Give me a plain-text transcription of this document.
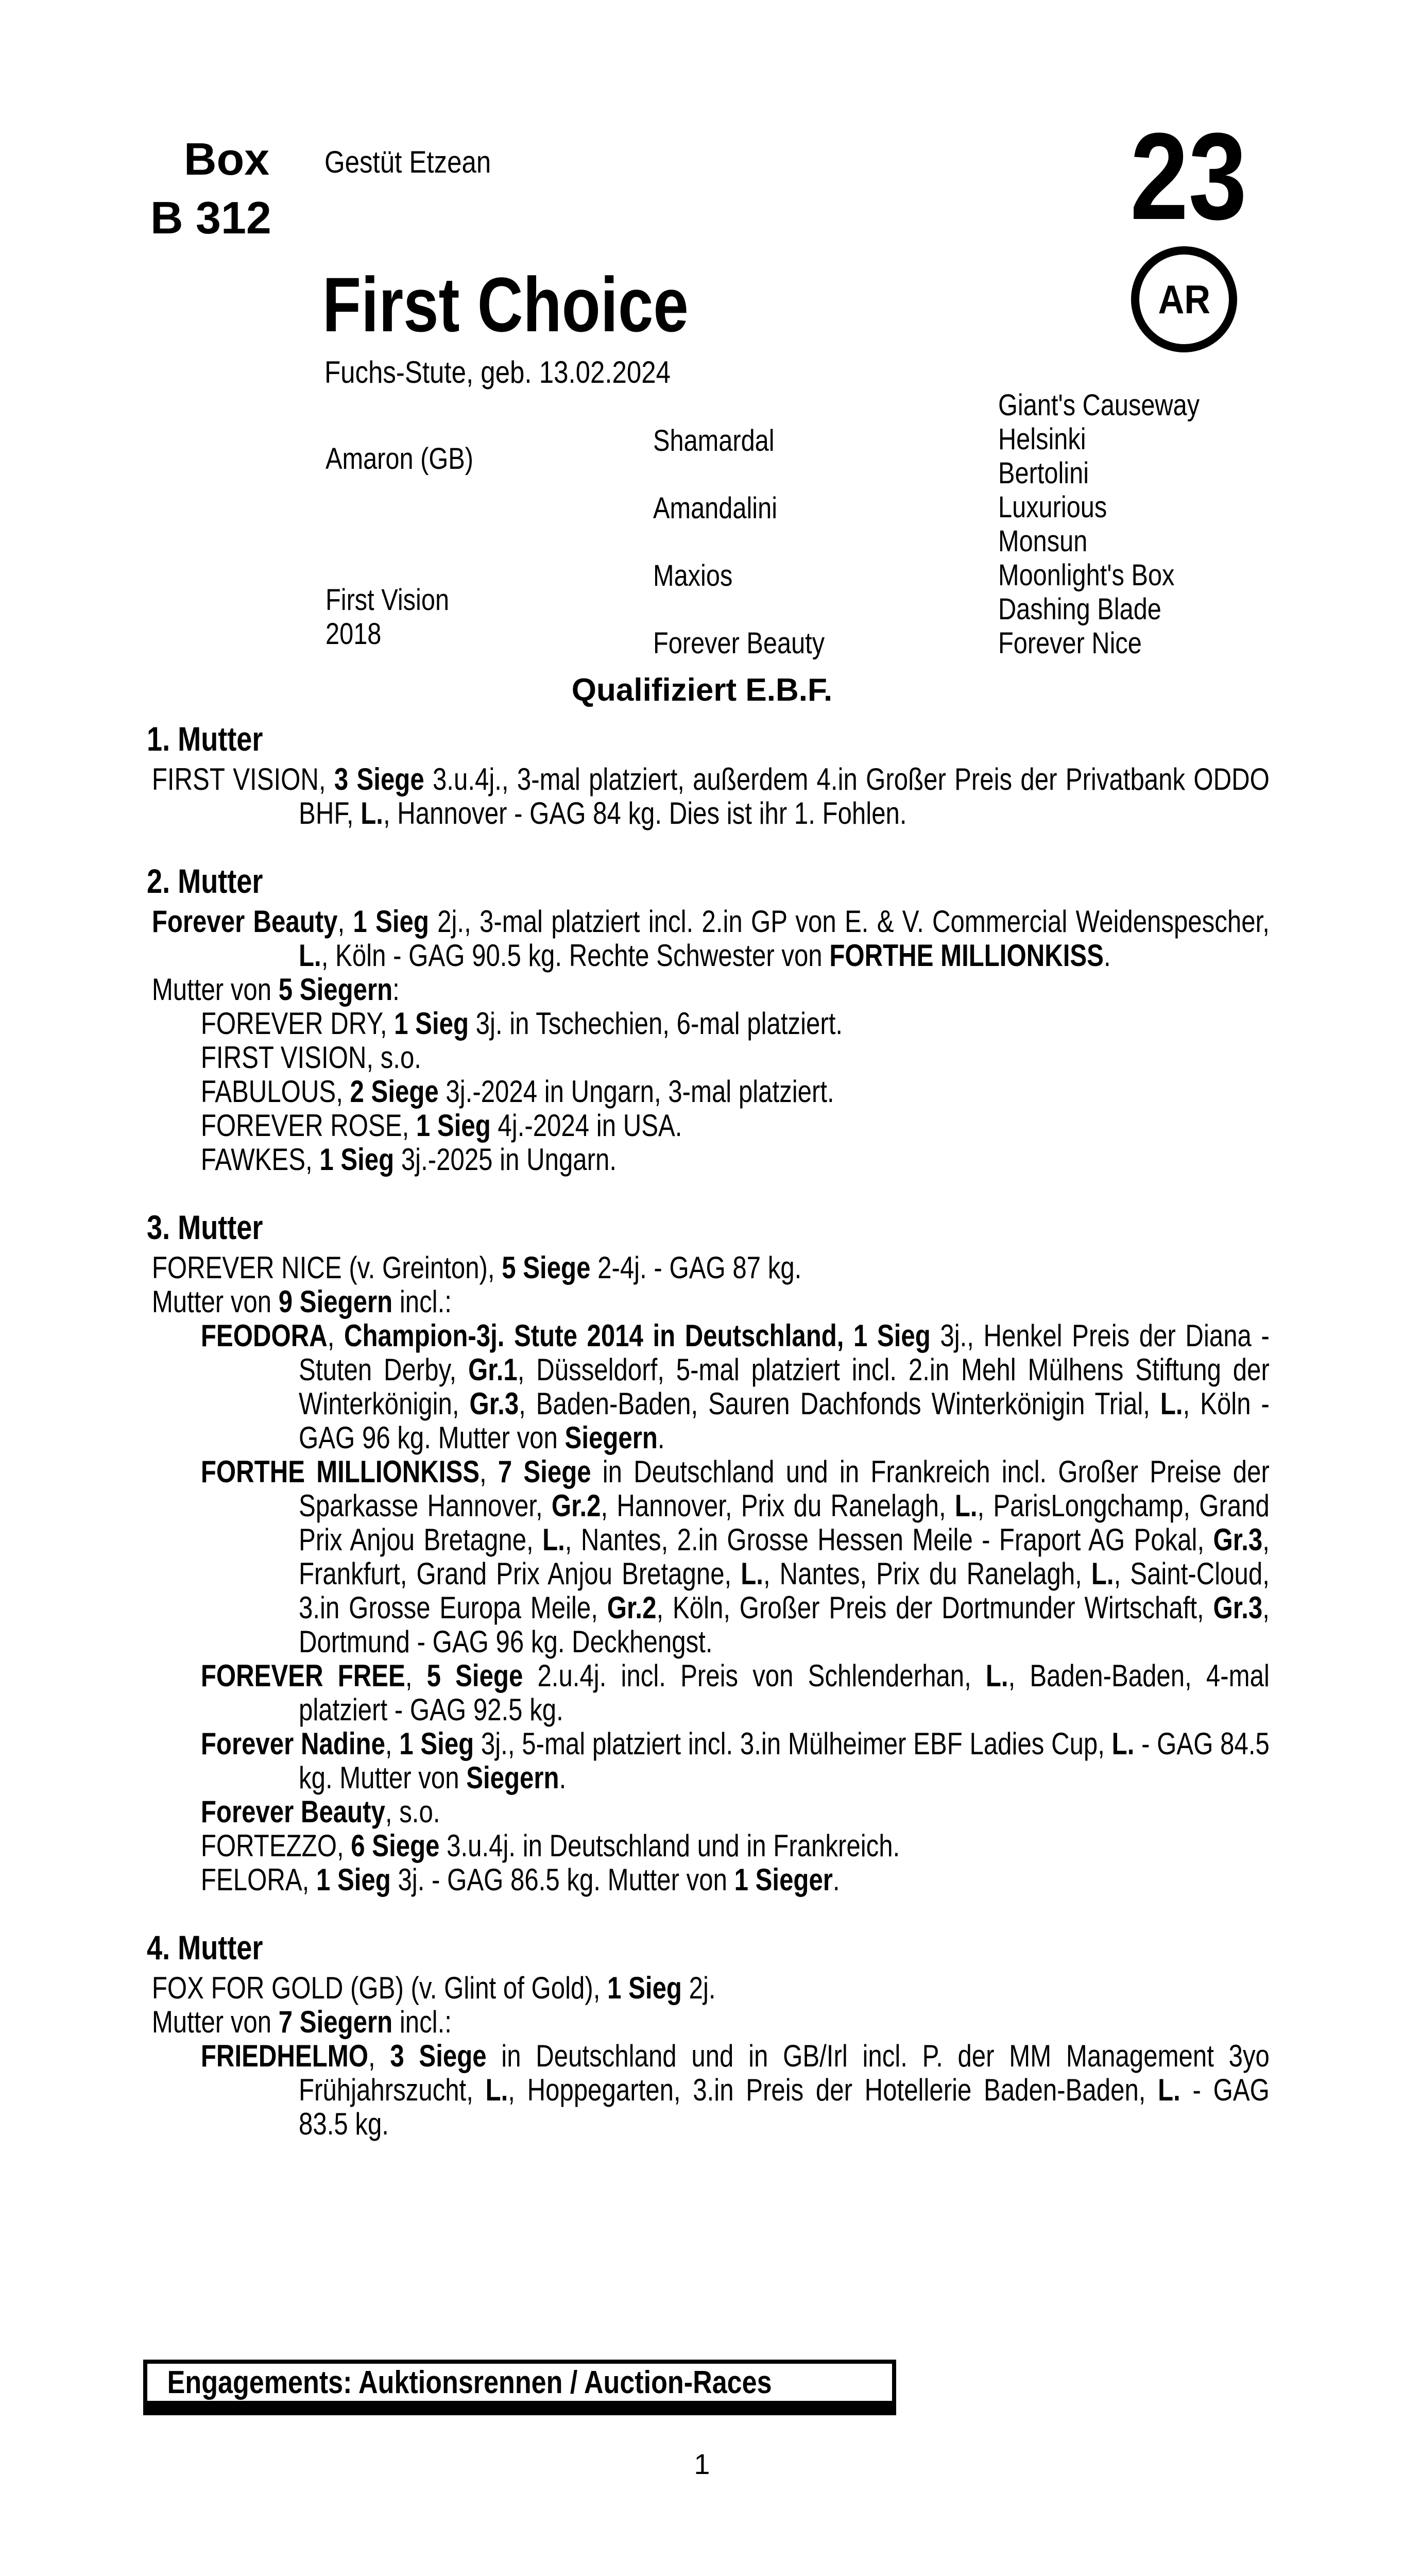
Box
B 312
Gestüt Etzean	23
AR
First Choice
Fuchs-Stute, geb. 13.02.2024
Amaron (GB)
First Vision
2018
Shamardal
Amandalini
Maxios
Forever Beauty
Giant's Causeway
Helsinki
Bertolini
Luxurious
Monsun
Moonlight's Box
Dashing Blade
Forever Nice
Qualifiziert E.B.F.
1. Mutter

FIRST VISION, 3 Siege 3.u.4j., 3-mal platziert, außerdem 4.in Großer Preis der Privatbank ODDO BHF, L., Hannover - GAG 84 kg. Dies ist ihr 1. Fohlen.

2. Mutter

Forever Beauty, 1 Sieg 2j., 3-mal platziert incl. 2.in GP von E. & V. Commercial Weidenspescher, L., Köln - GAG 90.5 kg. Rechte Schwester von FORTHE MILLIONKISS.

Mutter von 5 Siegern:

FOREVER DRY, 1 Sieg 3j. in Tschechien, 6-mal platziert.

FIRST VISION, s.o.

FABULOUS, 2 Siege 3j.-2024 in Ungarn, 3-mal platziert.

FOREVER ROSE, 1 Sieg 4j.-2024 in USA.

FAWKES, 1 Sieg 3j.-2025 in Ungarn.

3. Mutter

FOREVER NICE (v. Greinton), 5 Siege 2-4j. - GAG 87 kg.

Mutter von 9 Siegern incl.:

FEODORA, Champion-3j. Stute 2014 in Deutschland, 1 Sieg 3j., Henkel Preis der Diana - Stuten Derby, Gr.1, Düsseldorf, 5-mal platziert incl. 2.in Mehl Mülhens Stiftung der Winterkönigin, Gr.3, Baden-Baden, Sauren Dachfonds Winterkönigin Trial, L., Köln - GAG 96 kg. Mutter von Siegern.

FORTHE MILLIONKISS, 7 Siege in Deutschland und in Frankreich incl. Großer Preise der Sparkasse Hannover, Gr.2, Hannover, Prix du Ranelagh, L., ParisLongchamp, Grand Prix Anjou Bretagne, L., Nantes, 2.in Grosse Hessen Meile - Fraport AG Pokal, Gr.3, Frankfurt, Grand Prix Anjou Bretagne, L., Nantes, Prix du Ranelagh, L., Saint-Cloud, 3.in Grosse Europa Meile, Gr.2, Köln, Großer Preis der Dortmunder Wirtschaft, Gr.3, Dortmund - GAG 96 kg. Deckhengst.

FOREVER FREE, 5 Siege 2.u.4j. incl. Preis von Schlenderhan, L., Baden-Baden, 4-mal platziert - GAG 92.5 kg.

Forever Nadine, 1 Sieg 3j., 5-mal platziert incl. 3.in Mülheimer EBF Ladies Cup, L. - GAG 84.5 kg. Mutter von Siegern.

Forever Beauty, s.o.

FORTEZZO, 6 Siege 3.u.4j. in Deutschland und in Frankreich.

FELORA, 1 Sieg 3j. - GAG 86.5 kg. Mutter von 1 Sieger.

4. Mutter

FOX FOR GOLD (GB) (v. Glint of Gold), 1 Sieg 2j.

Mutter von 7 Siegern incl.:

FRIEDHELMO, 3 Siege in Deutschland und in GB/Irl incl. P. der MM Management 3yo Frühjahrszucht, L., Hoppegarten, 3.in Preis der Hotellerie Baden-Baden, L. - GAG 83.5 kg.

Engagements: Auktionsrennen / Auction-Races
1
